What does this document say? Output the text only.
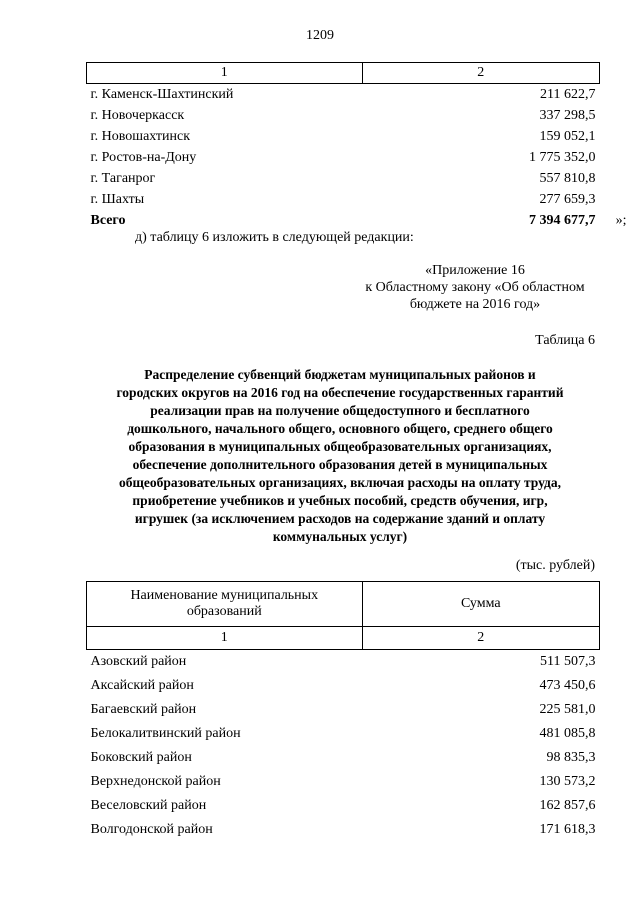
1209
1	2
г. Каменск-Шахтинский	211 622,7
г. Новочеркасск	337 298,5
г. Новошахтинск	159 052,1
г. Ростов-на-Дону	1 775 352,0
г. Таганрог	557 810,8
г. Шахты	277 659,3
Всего	7 394 677,7 »;
д) таблицу 6 изложить в следующей редакции:
«Приложение 16
к Областному закону «Об областном
бюджете на 2016 год»
Таблица 6
Распределение субвенций бюджетам муниципальных районов и
городских округов на 2016 год на обеспечение государственных гарантий
реализации прав на получение общедоступного и бесплатного
дошкольного, начального общего, основного общего, среднего общего
образования в муниципальных общеобразовательных организациях,
обеспечение дополнительного образования детей в муниципальных
общеобразовательных организациях, включая расходы на оплату труда,
приобретение учебников и учебных пособий, средств обучения, игр,
игрушек (за исключением расходов на содержание зданий и оплату
коммунальных услуг)
(тыс. рублей)
Наименование муниципальных
образований	Сумма
1	2
Азовский район	511 507,3
Аксайский район	473 450,6
Багаевский район	225 581,0
Белокалитвинский район	481 085,8
Боковский район	98 835,3
Верхнедонской район	130 573,2
Веселовский район	162 857,6
Волгодонской район	171 618,3
